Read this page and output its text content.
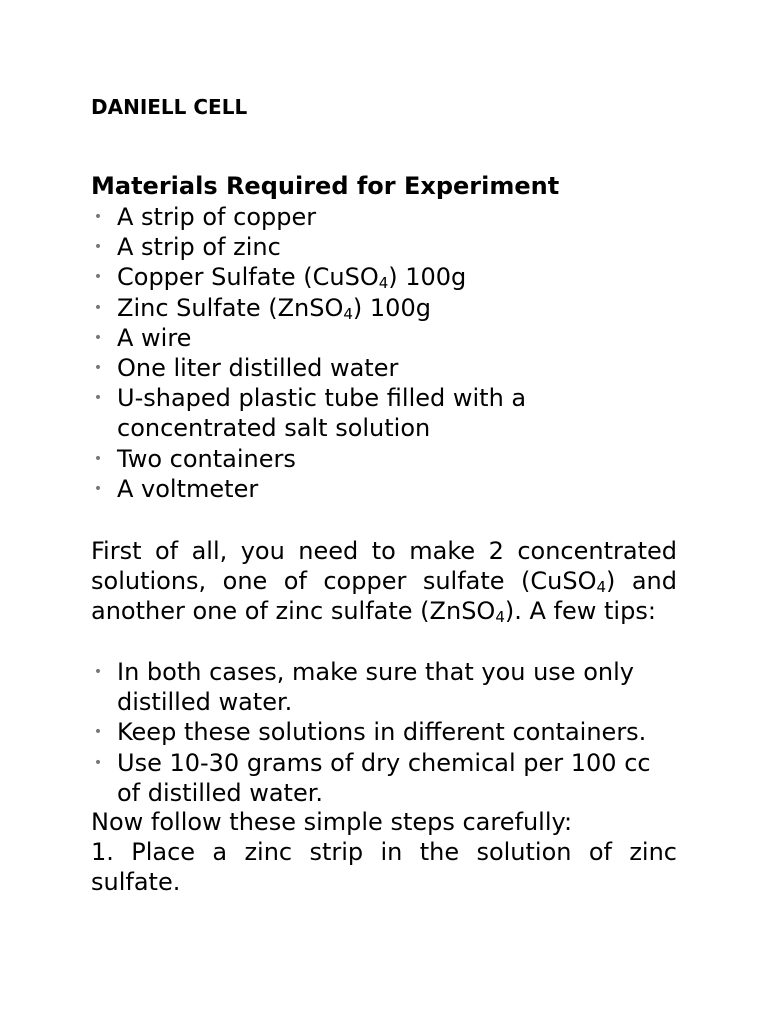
DANIELL CELL
Materials Required for Experiment
• A strip of copper
• A strip of zinc
• Copper Sulfate (CuSO$_4$) 100g
• Zinc Sulfate (ZnSO$_4$) 100g
• A wire
• One liter distilled water
• U-shaped plastic tube filled with a concentrated salt solution
• Two containers
• A voltmeter

First of all, you need to make 2 concentrated solutions, one of copper sulfate (CuSO$_4$) and another one of zinc sulfate (ZnSO$_4$). A few tips:

• In both cases, make sure that you use only distilled water.
• Keep these solutions in different containers.
• Use 10-30 grams of dry chemical per 100 cc of distilled water.

Now follow these simple steps carefully:

1. Place a zinc strip in the solution of zinc sulfate.
